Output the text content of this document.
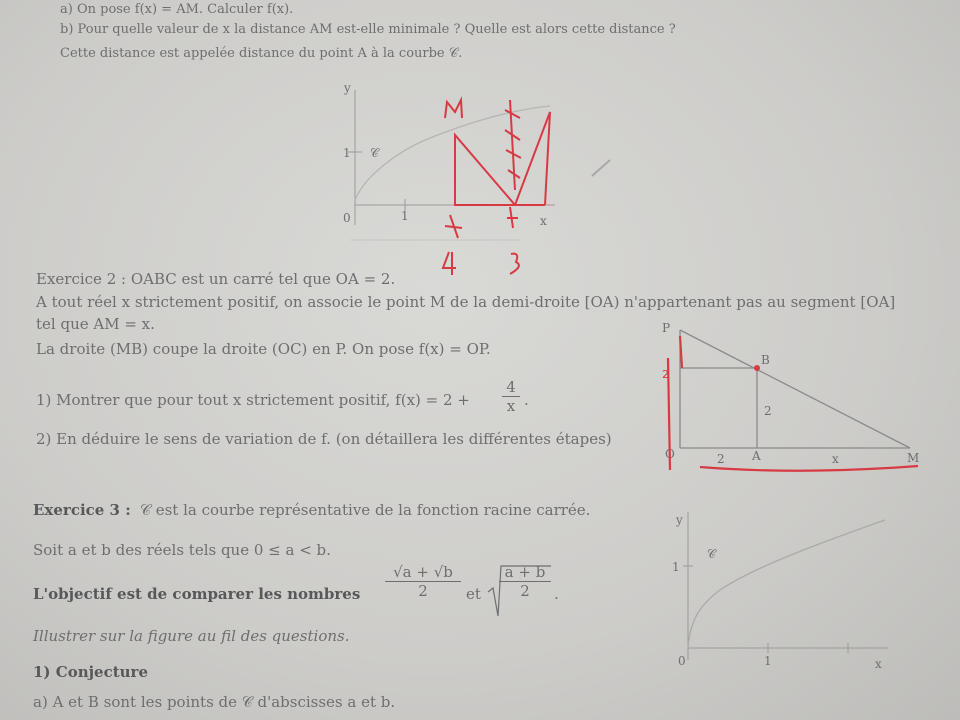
a) On pose f(x) = AM. Calculer f(x).
b) Pour quelle valeur de x la distance AM est-elle minimale ? Quelle est alors cette distance ?
Cette distance est appelée distance du point A à la courbe 𝒞.
y
x
0	1
1 𝒞
Exercice 2 : OABC est un carré tel que OA = 2.
A tout réel x strictement positif, on associe le point M de la demi-droite [OA) n'appartenant pas au segment [OA]
tel que AM = x.
La droite (MB) coupe la droite (OC) en P. On pose f(x) = OP.
1) Montrer que pour tout x strictement positif, $f(x) = 2 + \frac{4}{x}$ .
2) En déduire le sens de variation de f. (on détaillera les différentes étapes)
P
B
O	A	M
2
2
2	x
Exercice 3 : 𝒞 est la courbe représentative de la fonction racine carrée.
Soit a et b des réels tels que 0 ≤ a < b.
L'objectif est de comparer les nombres $\frac{√a + √b}{2}$ et $\frac{a + b}{2}$ .
Illustrer sur la figure au fil des questions.
1) Conjecture
a) A et B sont les points de 𝒞 d'abscisses a et b.
y
x
0	1
1
𝒞
